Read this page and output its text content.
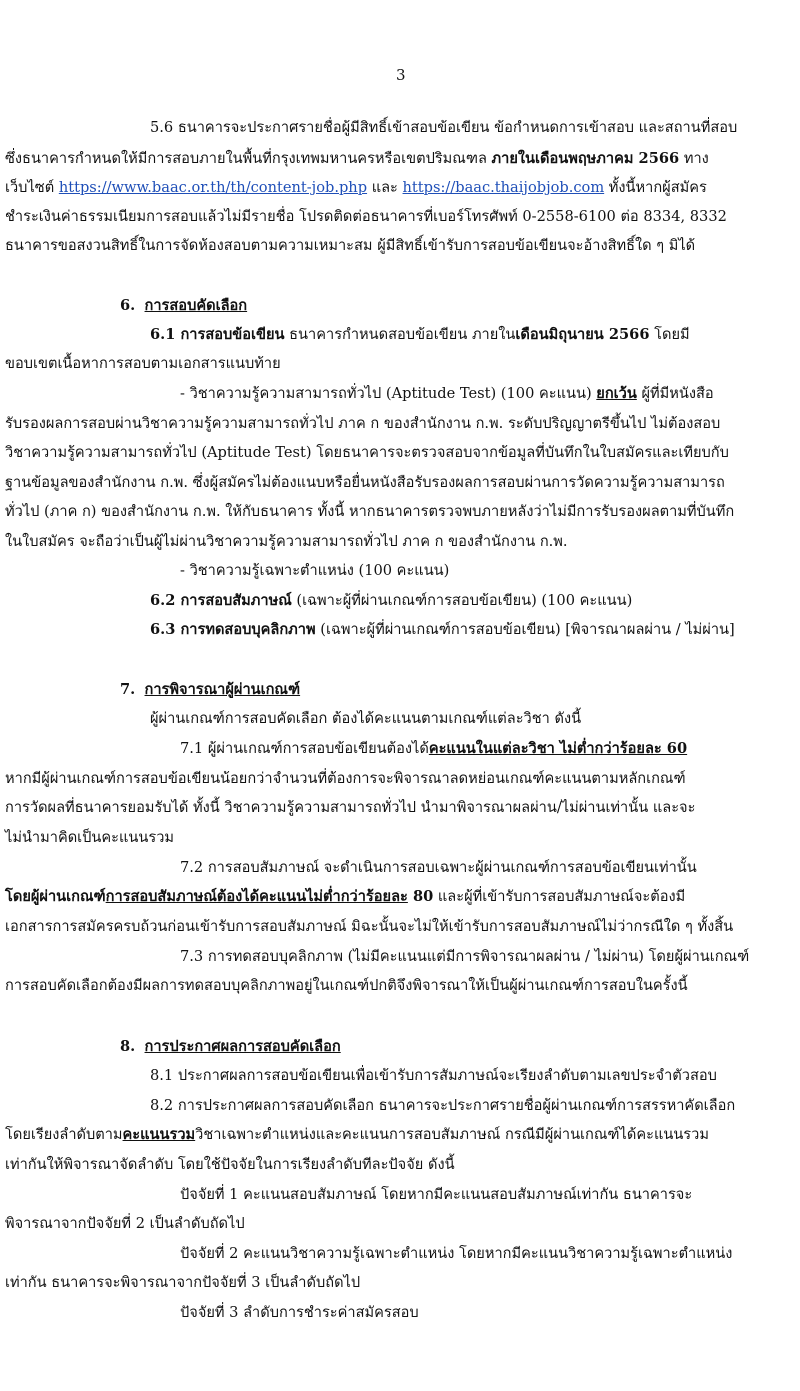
3
5.6 ธนาคารจะประกาศรายชื่อผู้มีสิทธิ์เข้าสอบข้อเขียน ข้อกำหนดการเข้าสอบ และสถานที่สอบ
ซึ่งธนาคารกำหนดให้มีการสอบภายในพื้นที่กรุงเทพมหานครหรือเขตปริมณฑล ภายในเดือนพฤษภาคม 2566 ทาง
เว็บไซต์ https://www.baac.or.th/th/content-job.php และ https://baac.thaijobjob.com ทั้งนี้หากผู้สมัคร
ชำระเงินค่าธรรมเนียมการสอบแล้วไม่มีรายชื่อ โปรดติดต่อธนาคารที่เบอร์โทรศัพท์ 0-2558-6100 ต่อ 8334, 8332
ธนาคารขอสงวนสิทธิ์ในการจัดห้องสอบตามความเหมาะสม ผู้มีสิทธิ์เข้ารับการสอบข้อเขียนจะอ้างสิทธิ์ใด ๆ มิได้
6. การสอบคัดเลือก
6.1 การสอบข้อเขียน ธนาคารกำหนดสอบข้อเขียน ภายในเดือนมิถุนายน 2566 โดยมี
ขอบเขตเนื้อหาการสอบตามเอกสารแนบท้าย
- วิชาความรู้ความสามารถทั่วไป (Aptitude Test) (100 คะแนน) ยกเว้น ผู้ที่มีหนังสือ
รับรองผลการสอบผ่านวิชาความรู้ความสามารถทั่วไป ภาค ก ของสำนักงาน ก.พ. ระดับปริญญาตรีขึ้นไป ไม่ต้องสอบ
วิชาความรู้ความสามารถทั่วไป (Aptitude Test) โดยธนาคารจะตรวจสอบจากข้อมูลที่บันทึกในใบสมัครและเทียบกับ
ฐานข้อมูลของสำนักงาน ก.พ. ซึ่งผู้สมัครไม่ต้องแนบหรือยื่นหนังสือรับรองผลการสอบผ่านการวัดความรู้ความสามารถ
ทั่วไป (ภาค ก) ของสำนักงาน ก.พ. ให้กับธนาคาร ทั้งนี้ หากธนาคารตรวจพบภายหลังว่าไม่มีการรับรองผลตามที่บันทึก
ในใบสมัคร จะถือว่าเป็นผู้ไม่ผ่านวิชาความรู้ความสามารถทั่วไป ภาค ก ของสำนักงาน ก.พ.
- วิชาความรู้เฉพาะตำแหน่ง (100 คะแนน)
6.2 การสอบสัมภาษณ์ (เฉพาะผู้ที่ผ่านเกณฑ์การสอบข้อเขียน) (100 คะแนน)
6.3 การทดสอบบุคลิกภาพ (เฉพาะผู้ที่ผ่านเกณฑ์การสอบข้อเขียน) [พิจารณาผลผ่าน / ไม่ผ่าน]
7. การพิจารณาผู้ผ่านเกณฑ์
ผู้ผ่านเกณฑ์การสอบคัดเลือก ต้องได้คะแนนตามเกณฑ์แต่ละวิชา ดังนี้
7.1 ผู้ผ่านเกณฑ์การสอบข้อเขียนต้องได้คะแนนในแต่ละวิชา ไม่ต่ำกว่าร้อยละ 60
หากมีผู้ผ่านเกณฑ์การสอบข้อเขียนน้อยกว่าจำนวนที่ต้องการจะพิจารณาลดหย่อนเกณฑ์คะแนนตามหลักเกณฑ์
การวัดผลที่ธนาคารยอมรับได้ ทั้งนี้ วิชาความรู้ความสามารถทั่วไป นำมาพิจารณาผลผ่าน/ไม่ผ่านเท่านั้น และจะ
ไม่นำมาคิดเป็นคะแนนรวม
7.2 การสอบสัมภาษณ์ จะดำเนินการสอบเฉพาะผู้ผ่านเกณฑ์การสอบข้อเขียนเท่านั้น
โดยผู้ผ่านเกณฑ์การสอบสัมภาษณ์ต้องได้คะแนนไม่ต่ำกว่าร้อยละ 80 และผู้ที่เข้ารับการสอบสัมภาษณ์จะต้องมี
เอกสารการสมัครครบถ้วนก่อนเข้ารับการสอบสัมภาษณ์ มิฉะนั้นจะไม่ให้เข้ารับการสอบสัมภาษณ์ไม่ว่ากรณีใด ๆ ทั้งสิ้น
7.3 การทดสอบบุคลิกภาพ (ไม่มีคะแนนแต่มีการพิจารณาผลผ่าน / ไม่ผ่าน) โดยผู้ผ่านเกณฑ์
การสอบคัดเลือกต้องมีผลการทดสอบบุคลิกภาพอยู่ในเกณฑ์ปกติจึงพิจารณาให้เป็นผู้ผ่านเกณฑ์การสอบในครั้งนี้
8. การประกาศผลการสอบคัดเลือก
8.1 ประกาศผลการสอบข้อเขียนเพื่อเข้ารับการสัมภาษณ์จะเรียงลำดับตามเลขประจำตัวสอบ
8.2 การประกาศผลการสอบคัดเลือก ธนาคารจะประกาศรายชื่อผู้ผ่านเกณฑ์การสรรหาคัดเลือก
โดยเรียงลำดับตามคะแนนรวมวิชาเฉพาะตำแหน่งและคะแนนการสอบสัมภาษณ์ กรณีมีผู้ผ่านเกณฑ์ได้คะแนนรวม
เท่ากันให้พิจารณาจัดลำดับ โดยใช้ปัจจัยในการเรียงลำดับทีละปัจจัย ดังนี้
ปัจจัยที่ 1 คะแนนสอบสัมภาษณ์ โดยหากมีคะแนนสอบสัมภาษณ์เท่ากัน ธนาคารจะ
พิจารณาจากปัจจัยที่ 2 เป็นลำดับถัดไป
ปัจจัยที่ 2 คะแนนวิชาความรู้เฉพาะตำแหน่ง โดยหากมีคะแนนวิชาความรู้เฉพาะตำแหน่ง
เท่ากัน ธนาคารจะพิจารณาจากปัจจัยที่ 3 เป็นลำดับถัดไป
ปัจจัยที่ 3 ลำดับการชำระค่าสมัครสอบ
